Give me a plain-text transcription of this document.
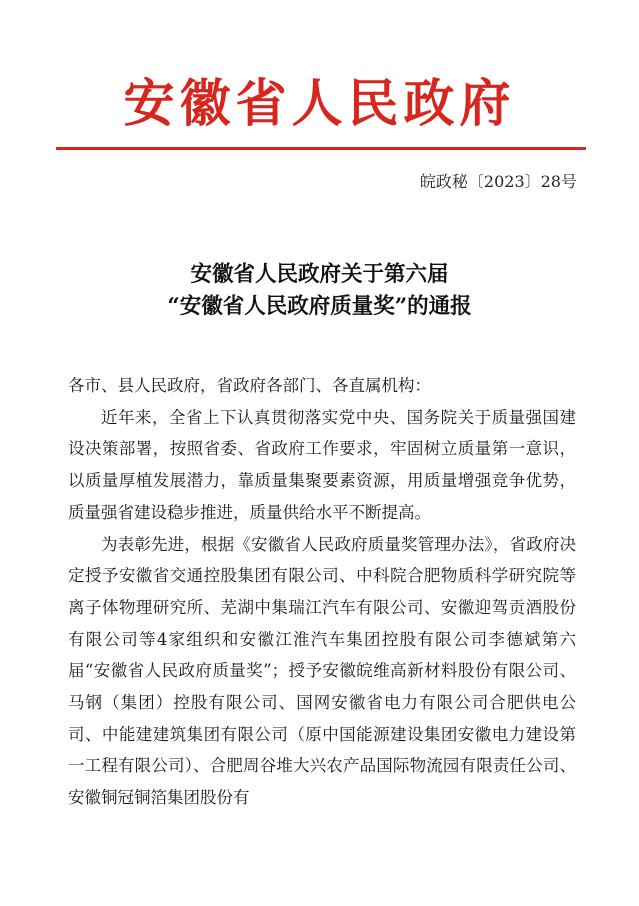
安徽省人民政府
皖政秘〔2023〕28号
安徽省人民政府关于第六届
“安徽省人民政府质量奖”的通报

各市、县人民政府，省政府各部门、各直属机构：

近年来，全省上下认真贯彻落实党中央、国务院关于质量强国建设决策部署，按照省委、省政府工作要求，牢固树立质量第一意识，以质量厚植发展潜力，靠质量集聚要素资源，用质量增强竞争优势，质量强省建设稳步推进，质量供给水平不断提高。

为表彰先进，根据《安徽省人民政府质量奖管理办法》，省政府决定授予安徽省交通控股集团有限公司、中科院合肥物质科学研究院等离子体物理研究所、芜湖中集瑞江汽车有限公司、安徽迎驾贡酒股份有限公司等4家组织和安徽江淮汽车集团控股有限公司李德斌第六届“安徽省人民政府质量奖”；授予安徽皖维高新材料股份有限公司、马钢（集团）控股有限公司、国网安徽省电力有限公司合肥供电公司、中能建建筑集团有限公司（原中国能源建设集团安徽电力建设第一工程有限公司）、合肥周谷堆大兴农产品国际物流园有限责任公司、安徽铜冠铜箔集团股份有
